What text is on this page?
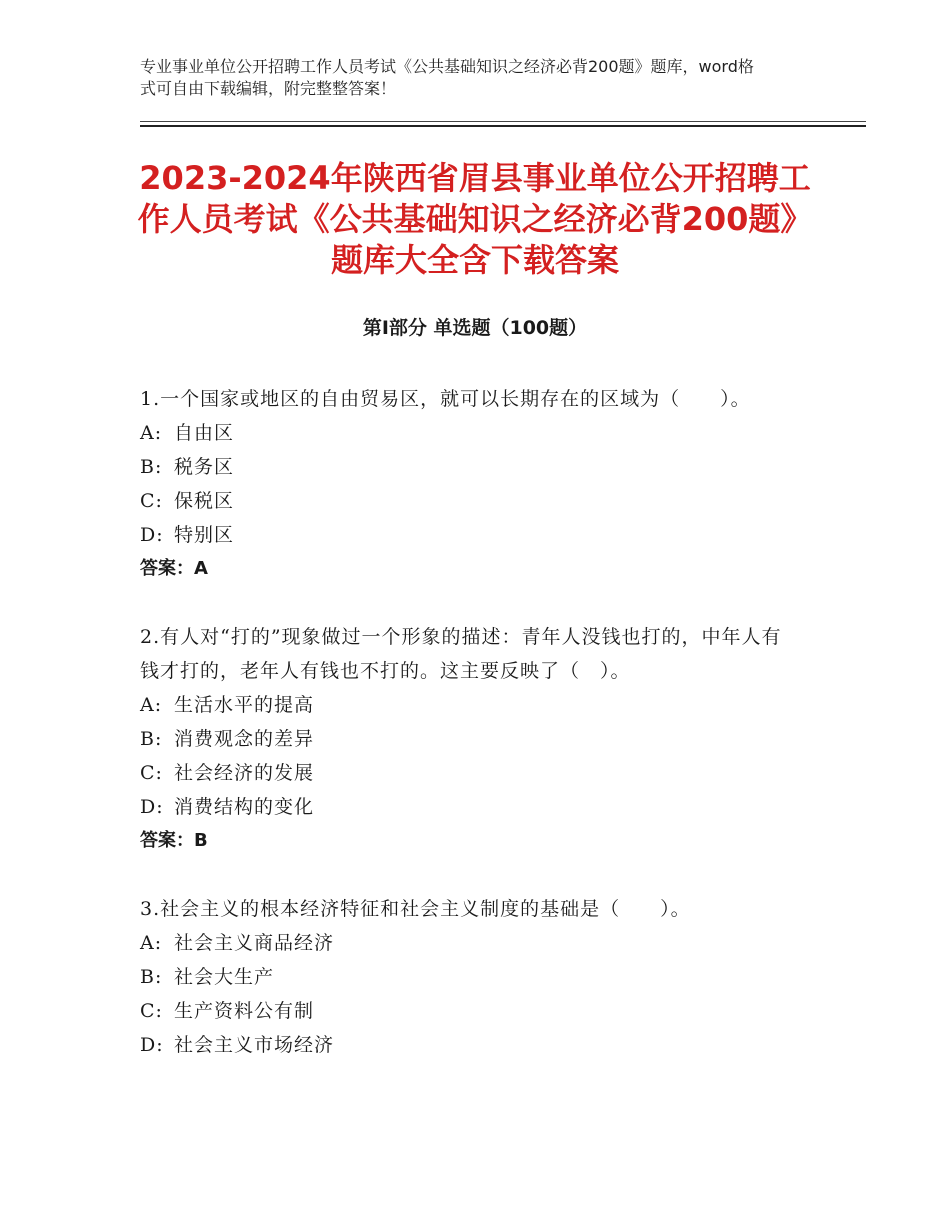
专业事业单位公开招聘工作人员考试《公共基础知识之经济必背200题》题库，word格式可自由下载编辑，附完整整答案！
2023-2024年陕西省眉县事业单位公开招聘工作人员考试《公共基础知识之经济必背200题》题库大全含下载答案
第Ⅰ部分 单选题（100题）

1.一个国家或地区的自由贸易区，就可以长期存在的区域为（　　）。

A: 自由区

B: 税务区

C: 保税区

D: 特别区

答案：A

2.有人对“打的”现象做过一个形象的描述：青年人没钱也打的，中年人有钱才打的，老年人有钱也不打的。这主要反映了（　）。

A: 生活水平的提高

B: 消费观念的差异

C: 社会经济的发展

D: 消费结构的变化

答案：B

3.社会主义的根本经济特征和社会主义制度的基础是（　　）。

A: 社会主义商品经济

B: 社会大生产

C: 生产资料公有制

D: 社会主义市场经济
